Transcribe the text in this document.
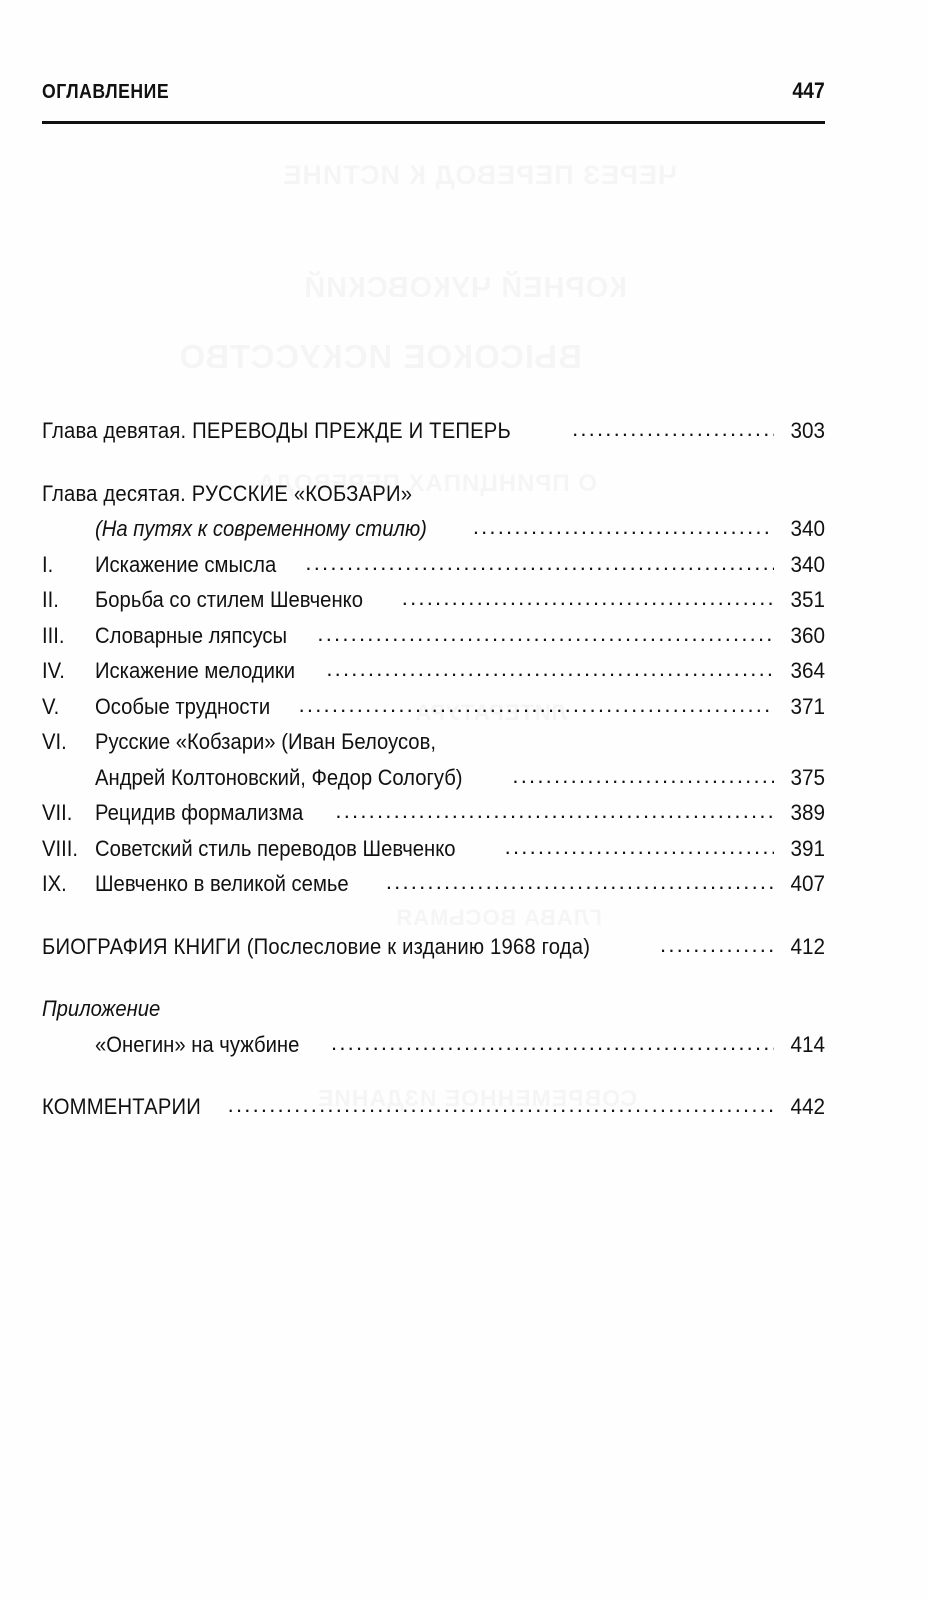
ОГЛАВЛЕНИЕ	447
Глава девятая. ПЕРЕВОДЫ ПРЕЖДЕ И ТЕПЕРЬ .....	303
Глава десятая. РУССКИЕ «КОБЗАРИ»
(На путях к современному стилю) .....	340
I.	Искажение смысла .....	340
II.	Борьба со стилем Шевченко .....	351
III.	Словарные ляпсусы .....	360
IV.	Искажение мелодики .....	364
V.	Особые трудности .....	371
VI.	Русские «Кобзари» (Иван Белоусов,
Андрей Колтоновский, Федор Сологуб) .....	375
VII.	Рецидив формализма .....	389
VIII. Советский стиль переводов Шевченко .....	391
IX.	Шевченко в великой семье .....	407
БИОГРАФИЯ КНИГИ (Послесловие к изданию 1968 года) .....	412
Приложение
«Онегин» на чужбине .....	414
КОММЕНТАРИИ .....	442
